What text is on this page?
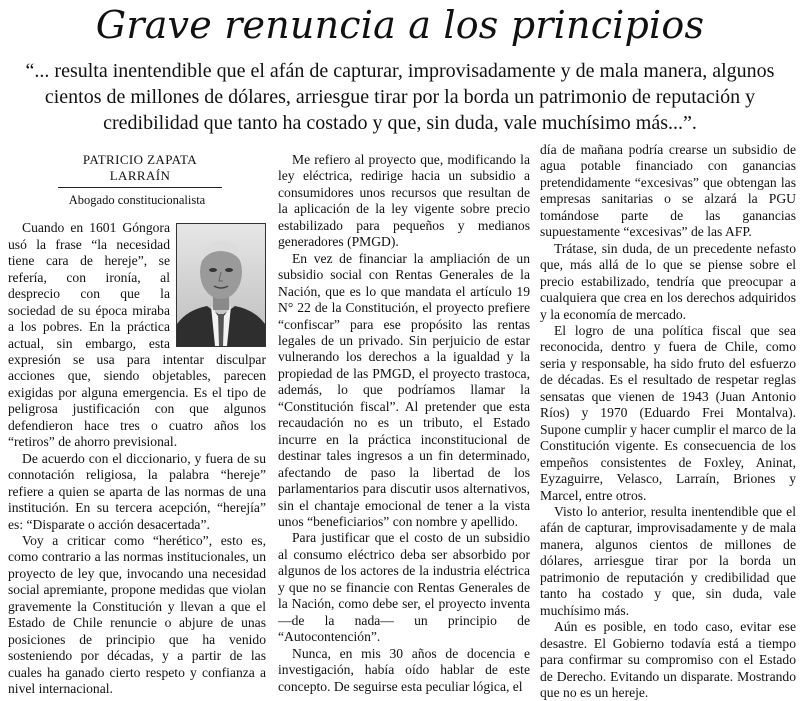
Grave renuncia a los principios
“... resulta inentendible que el afán de capturar, improvisadamente y de mala manera, algunos cientos de millones de dólares, arriesgue tirar por la borda un patrimonio de reputación y credibilidad que tanto ha costado y que, sin duda, vale muchísimo más...”.
PATRICIO ZAPATA LARRAÍN
Abogado constitucionalista

Cuando en 1601 Góngora usó la frase “la necesidad tiene cara de hereje”, se refería, con ironía, al desprecio con que la sociedad de su época miraba a los pobres. En la práctica actual, sin embargo, esta expresión se usa para intentar disculpar acciones que, siendo objetables, parecen exigidas por alguna emergencia. Es el tipo de peligrosa justificación con que algunos defendieron hace tres o cuatro años los “retiros” de ahorro previsional.

De acuerdo con el diccionario, y fuera de su connotación religiosa, la palabra “hereje” refiere a quien se aparta de las normas de una institución. En su tercera acepción, “herejía” es: “Disparate o acción desacertada”.

Voy a criticar como “herético”, esto es, como contrario a las normas institucionales, un proyecto de ley que, invocando una necesidad social apremiante, propone medidas que violan gravemente la Constitución y llevan a que el Estado de Chile renuncie o abjure de unas posiciones de principio que ha venido sosteniendo por décadas, y a partir de las cuales ha ganado cierto respeto y confianza a nivel internacional.

Me refiero al proyecto que, modificando la ley eléctrica, redirige hacia un subsidio a consumidores unos recursos que resultan de la aplicación de la ley vigente sobre precio estabilizado para pequeños y medianos generadores (PMGD).

En vez de financiar la ampliación de un subsidio social con Rentas Generales de la Nación, que es lo que mandata el artículo 19 N° 22 de la Constitución, el proyecto prefiere “confiscar” para ese propósito las rentas legales de un privado. Sin perjuicio de estar vulnerando los derechos a la igualdad y la propiedad de las PMGD, el proyecto trastoca, además, lo que podríamos llamar la “Constitución fiscal”. Al pretender que esta recaudación no es un tributo, el Estado incurre en la práctica inconstitucional de destinar tales ingresos a un fin determinado, afectando de paso la libertad de los parlamentarios para discutir usos alternativos, sin el chantaje emocional de tener a la vista unos “beneficiarios” con nombre y apellido.

Para justificar que el costo de un subsidio al consumo eléctrico deba ser absorbido por algunos de los actores de la industria eléctrica y que no se financie con Rentas Generales de la Nación, como debe ser, el proyecto inventa —de la nada— un principio de “Autocontención”.

Nunca, en mis 30 años de docencia e investigación, había oído hablar de este concepto. De seguirse esta peculiar lógica, el

día de mañana podría crearse un subsidio de agua potable financiado con ganancias pretendidamente “excesivas” que obtengan las empresas sanitarias o se alzará la PGU tomándose parte de las ganancias supuestamente “excesivas” de las AFP.

Trátase, sin duda, de un precedente nefasto que, más allá de lo que se piense sobre el precio estabilizado, tendría que preocupar a cualquiera que crea en los derechos adquiridos y la economía de mercado.

El logro de una política fiscal que sea reconocida, dentro y fuera de Chile, como seria y responsable, ha sido fruto del esfuerzo de décadas. Es el resultado de respetar reglas sensatas que vienen de 1943 (Juan Antonio Ríos) y 1970 (Eduardo Frei Montalva). Supone cumplir y hacer cumplir el marco de la Constitución vigente. Es consecuencia de los empeños consistentes de Foxley, Aninat, Eyzaguirre, Velasco, Larraín, Briones y Marcel, entre otros.

Visto lo anterior, resulta inentendible que el afán de capturar, improvisadamente y de mala manera, algunos cientos de millones de dólares, arriesgue tirar por la borda un patrimonio de reputación y credibilidad que tanto ha costado y que, sin duda, vale muchísimo más.

Aún es posible, en todo caso, evitar ese desastre. El Gobierno todavía está a tiempo para confirmar su compromiso con el Estado de Derecho. Evitando un disparate. Mostrando que no es un hereje.
